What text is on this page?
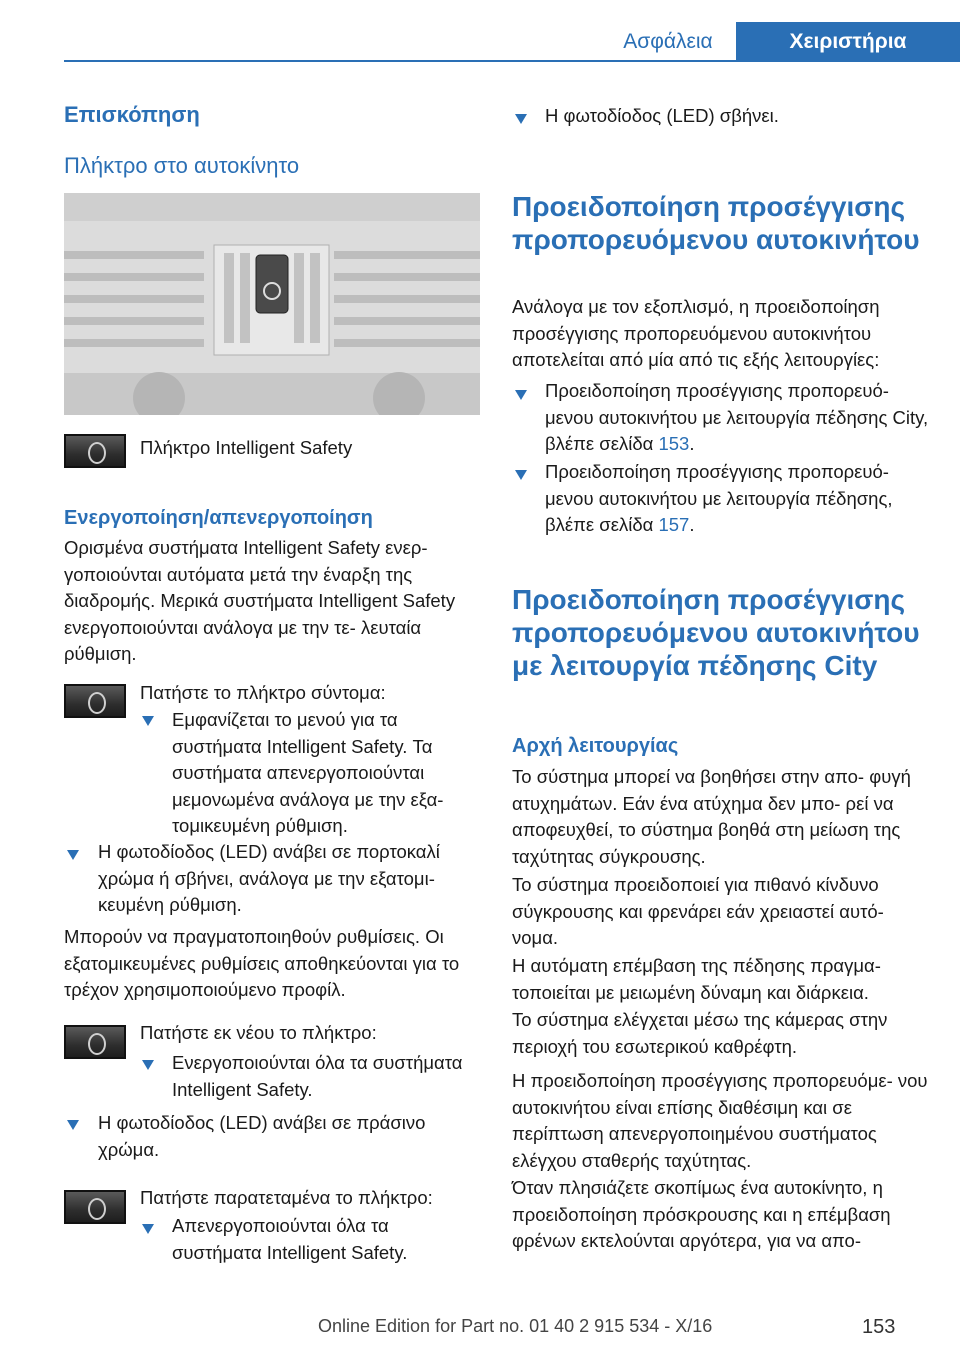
Ασφάλεια	Χειριστήρια
Επισκόπηση
Πλήκτρο στο αυτοκίνητο

Πλήκτρο Intelligent Safety

Ενεργοποίηση/απενεργοποίηση

Ορισμένα συστήματα Intelligent Safety ενερ‐ γοποιούνται αυτόματα μετά την έναρξη της διαδρομής. Μερικά συστήματα Intelligent Safety ενεργοποιούνται ανάλογα με την τε‐ λευταία ρύθμιση.

Πατήστε το πλήκτρο σύντομα:

Εμφανίζεται το μενού για τα συστήματα Intelligent Safety. Τα συστήματα απενεργοποιούνται μεμονωμένα ανάλογα με την εξα‐ τομικευμένη ρύθμιση.

Η φωτοδίοδος (LED) ανάβει σε πορτοκαλί χρώμα ή σβήνει, ανάλογα με την εξατομι‐ κευμένη ρύθμιση.

Μπορούν να πραγματοποιηθούν ρυθμίσεις. Οι εξατομικευμένες ρυθμίσεις αποθηκεύονται για το τρέχον χρησιμοποιούμενο προφίλ.

Πατήστε εκ νέου το πλήκτρο:

Ενεργοποιούνται όλα τα συστήματα Intelligent Safety.

Η φωτοδίοδος (LED) ανάβει σε πράσινο χρώμα.

Πατήστε παρατεταμένα το πλήκτρο:

Απενεργοποιούνται όλα τα συστήματα Intelligent Safety.

Η φωτοδίοδος (LED) σβήνει.

Προειδοποίηση προσέγγισης προπορευόμενου αυτοκινήτου

Ανάλογα με τον εξοπλισμό, η προειδοποίηση προσέγγισης προπορευόμενου αυτοκινήτου αποτελείται από μία από τις εξής λειτουργίες:

Προειδοποίηση προσέγγισης προπορευό‐ μενου αυτοκινήτου με λειτουργία πέδησης City, βλέπε σελίδα 153.

Προειδοποίηση προσέγγισης προπορευό‐ μενου αυτοκινήτου με λειτουργία πέδησης, βλέπε σελίδα 157.

Προειδοποίηση προσέγγισης προπορευόμενου αυτοκινήτου με λειτουργία πέδησης City
Αρχή λειτουργίας

Το σύστημα μπορεί να βοηθήσει στην απο‐ φυγή ατυχημάτων. Εάν ένα ατύχημα δεν μπο‐ ρεί να αποφευχθεί, το σύστημα βοηθά στη μείωση της ταχύτητας σύγκρουσης.

Το σύστημα προειδοποιεί για πιθανό κίνδυνο σύγκρουσης και φρενάρει εάν χρειαστεί αυτό‐ νομα.

Η αυτόματη επέμβαση της πέδησης πραγμα‐ τοποιείται με μειωμένη δύναμη και διάρκεια.

Το σύστημα ελέγχεται μέσω της κάμερας στην περιοχή του εσωτερικού καθρέφτη.

Η προειδοποίηση προσέγγισης προπορευόμε‐ νου αυτοκινήτου είναι επίσης διαθέσιμη και σε περίπτωση απενεργοποιημένου συστήματος ελέγχου σταθερής ταχύτητας.

Όταν πλησιάζετε σκοπίμως ένα αυτοκίνητο, η προειδοποίηση πρόσκρουσης και η επέμβαση φρένων εκτελούνται αργότερα, για να απο‐

Online Edition for Part no. 01 40 2 915 534 - X/16	153
